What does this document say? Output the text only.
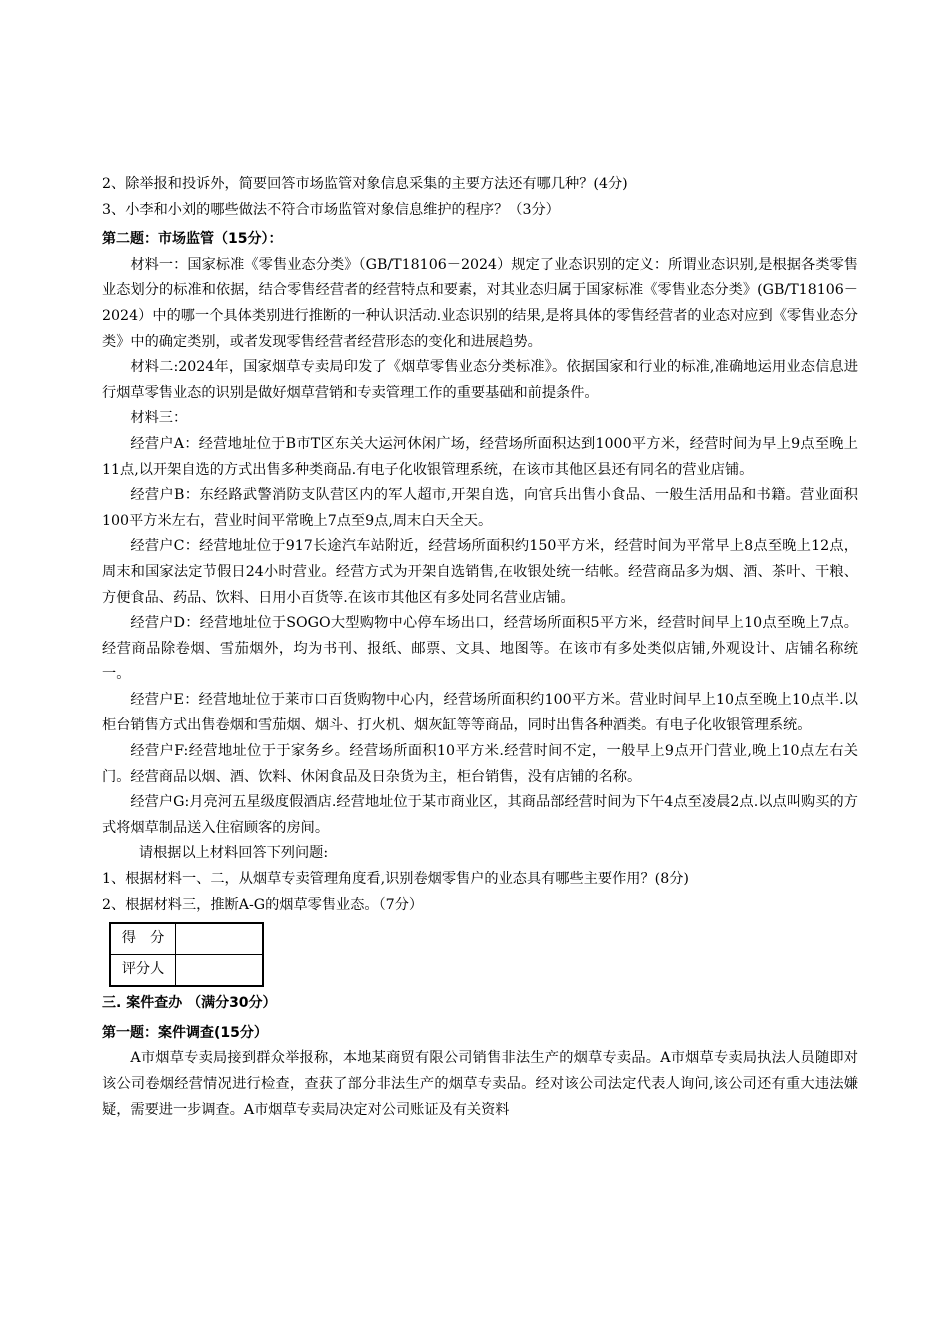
2、除举报和投诉外，简要回答市场监管对象信息采集的主要方法还有哪几种？(4分)

3、小李和小刘的哪些做法不符合市场监管对象信息维护的程序？（3分）

第二题：市场监管（15分）：

材料一：国家标准《零售业态分类》（GB/T18106－2024）规定了业态识别的定义：所谓业态识别,是根据各类零售业态划分的标准和依据，结合零售经营者的经营特点和要素，对其业态归属于国家标准《零售业态分类》(GB/T18106－2024）中的哪一个具体类别进行推断的一种认识活动.业态识别的结果,是将具体的零售经营者的业态对应到《零售业态分类》中的确定类别，或者发现零售经营者经营形态的变化和进展趋势。

材料二:2024年，国家烟草专卖局印发了《烟草零售业态分类标准》。依据国家和行业的标准,准确地运用业态信息进行烟草零售业态的识别是做好烟草营销和专卖管理工作的重要基础和前提条件。

材料三：

经营户A：经营地址位于B市T区东关大运河休闲广场，经营场所面积达到1000平方米，经营时间为早上9点至晚上11点,以开架自选的方式出售多种类商品.有电子化收银管理系统，在该市其他区县还有同名的营业店铺。

经营户B：东经路武警消防支队营区内的军人超市,开架自选，向官兵出售小食品、一般生活用品和书籍。营业面积100平方米左右，营业时间平常晚上7点至9点,周末白天全天。

经营户C：经营地址位于917长途汽车站附近，经营场所面积约150平方米，经营时间为平常早上8点至晚上12点，周末和国家法定节假日24小时营业。经营方式为开架自选销售,在收银处统一结帐。经营商品多为烟、酒、茶叶、干粮、方便食品、药品、饮料、日用小百货等.在该市其他区有多处同名营业店铺。

经营户D：经营地址位于SOGO大型购物中心停车场出口，经营场所面积5平方米，经营时间早上10点至晚上7点。经营商品除卷烟、雪茄烟外，均为书刊、报纸、邮票、文具、地图等。在该市有多处类似店铺,外观设计、店铺名称统一。

经营户E：经营地址位于莱市口百货购物中心内，经营场所面积约100平方米。营业时间早上10点至晚上10点半.以柜台销售方式出售卷烟和雪茄烟、烟斗、打火机、烟灰缸等等商品，同时出售各种酒类。有电子化收银管理系统。

经营户F:经营地址位于于家务乡。经营场所面积10平方米.经营时间不定，一般早上9点开门营业,晚上10点左右关门。经营商品以烟、酒、饮料、休闲食品及日杂货为主，柜台销售，没有店铺的名称。

经营户G:月亮河五星级度假酒店.经营地址位于某市商业区，其商品部经营时间为下午4点至凌晨2点.以点叫购买的方式将烟草制品送入住宿顾客的房间。

请根据以上材料回答下列问题:

1、根据材料一、二，从烟草专卖管理角度看,识别卷烟零售户的业态具有哪些主要作用？(8分)

2、根据材料三，推断A-G的烟草零售业态。（7分）

得　分	
评分人	

三. 案件查办 （满分30分）

第一题：案件调查(15分）

A市烟草专卖局接到群众举报称，本地某商贸有限公司销售非法生产的烟草专卖品。A市烟草专卖局执法人员随即对该公司卷烟经营情况进行检查，查获了部分非法生产的烟草专卖品。经对该公司法定代表人询问,该公司还有重大违法嫌疑，需要进一步调查。A市烟草专卖局决定对公司账证及有关资料
